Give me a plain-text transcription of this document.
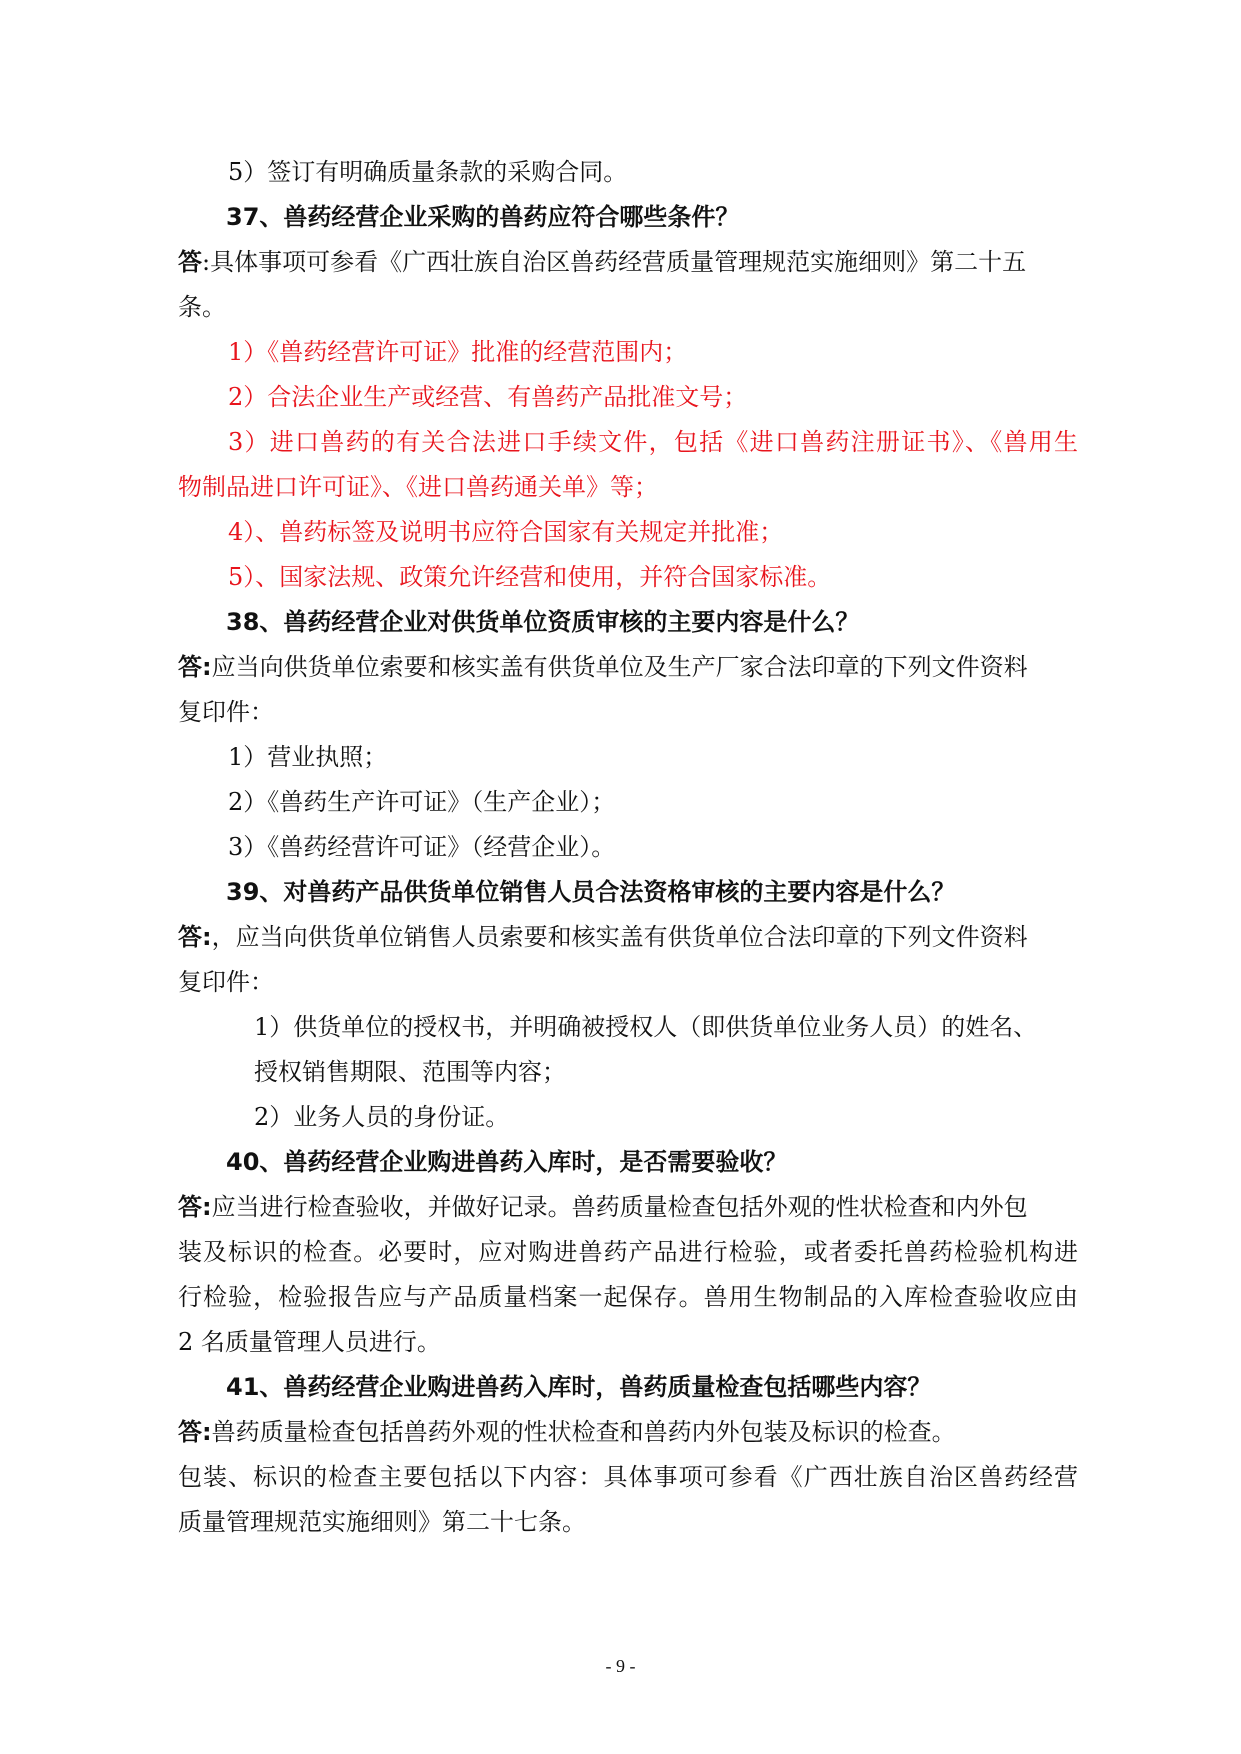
5）签订有明确质量条款的采购合同。
37、兽药经营企业采购的兽药应符合哪些条件？
答:具体事项可参看《广西壮族自治区兽药经营质量管理规范实施细则》第二十五
条。
1）《兽药经营许可证》批准的经营范围内；
2）合法企业生产或经营、有兽药产品批准文号；
3）进口兽药的有关合法进口手续文件，包括《进口兽药注册证书》、《兽用生
物制品进口许可证》、《进口兽药通关单》等；
4）、兽药标签及说明书应符合国家有关规定并批准；
5）、国家法规、政策允许经营和使用，并符合国家标准。
38、兽药经营企业对供货单位资质审核的主要内容是什么？
答:应当向供货单位索要和核实盖有供货单位及生产厂家合法印章的下列文件资料
复印件：
1）营业执照；
2）《兽药生产许可证》（生产企业）；
3）《兽药经营许可证》（经营企业）。
39、对兽药产品供货单位销售人员合法资格审核的主要内容是什么？
答:，应当向供货单位销售人员索要和核实盖有供货单位合法印章的下列文件资料
复印件：
1）供货单位的授权书，并明确被授权人（即供货单位业务人员）的姓名、
授权销售期限、范围等内容；
2）业务人员的身份证。
40、兽药经营企业购进兽药入库时，是否需要验收？
答:应当进行检查验收，并做好记录。兽药质量检查包括外观的性状检查和内外包
装及标识的检查。必要时，应对购进兽药产品进行检验，或者委托兽药检验机构进
行检验，检验报告应与产品质量档案一起保存。兽用生物制品的入库检查验收应由
2 名质量管理人员进行。
41、兽药经营企业购进兽药入库时，兽药质量检查包括哪些内容？
答:兽药质量检查包括兽药外观的性状检查和兽药内外包装及标识的检查。
包装、标识的检查主要包括以下内容：具体事项可参看《广西壮族自治区兽药经营
质量管理规范实施细则》第二十七条。
- 9 -
